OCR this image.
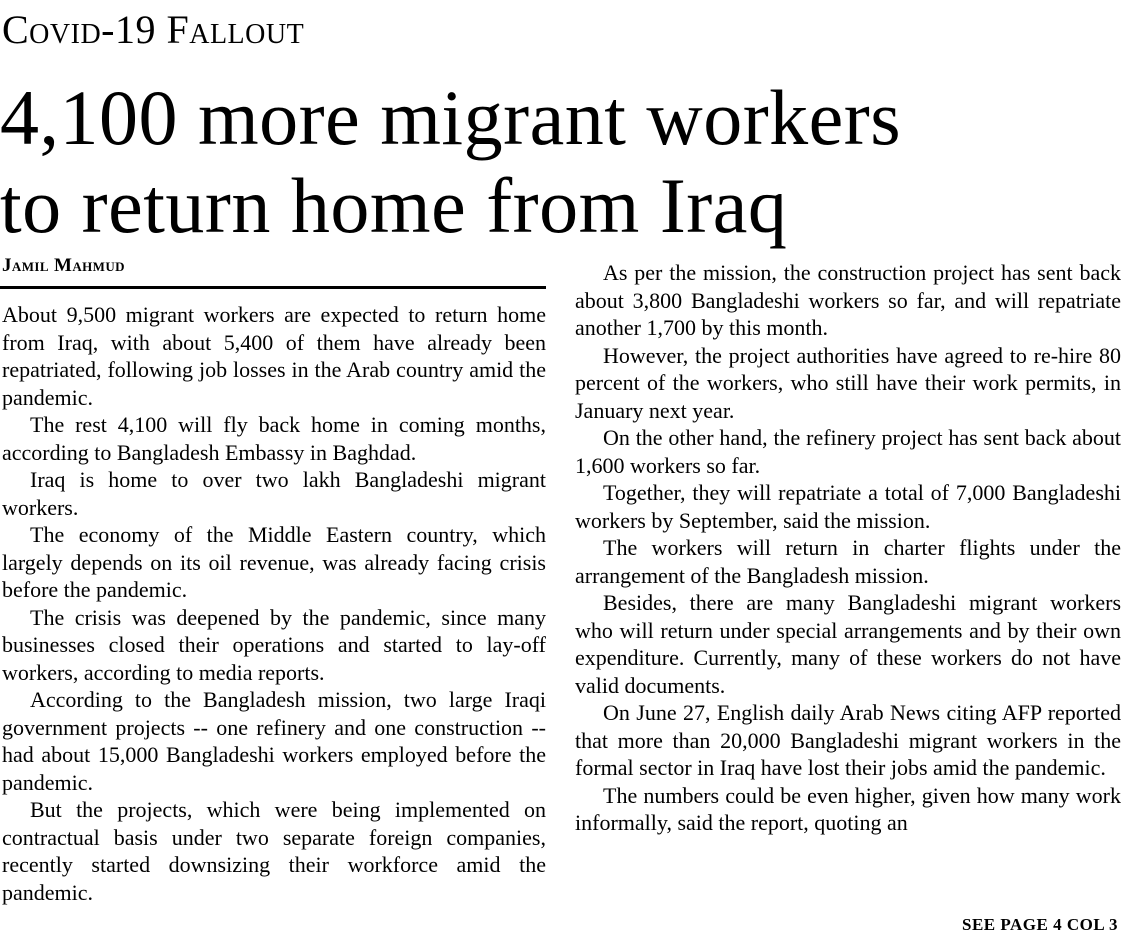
Covid-19 Fallout
4,100 more migrant workers
to return home from Iraq
Jamil Mahmud

About 9,500 migrant workers are expected to return home from Iraq, with about 5,400 of them have already been repatriated, following job losses in the Arab country amid the pandemic.

The rest 4,100 will fly back home in coming months, according to Bangladesh Embassy in Baghdad.

Iraq is home to over two lakh Bangladeshi migrant workers.

The economy of the Middle Eastern country, which largely depends on its oil revenue, was already facing crisis before the pandemic.

The crisis was deepened by the pandemic, since many businesses closed their operations and started to lay-off workers, according to media reports.

According to the Bangladesh mission, two large Iraqi government projects -- one refinery and one construction -- had about 15,000 Bangladeshi workers employed before the pandemic.

But the projects, which were being implemented on contractual basis under two separate foreign companies, recently started downsizing their workforce amid the pandemic.

As per the mission, the construction project has sent back about 3,800 Bangladeshi workers so far, and will repatriate another 1,700 by this month.

However, the project authorities have agreed to re-hire 80 percent of the workers, who still have their work permits, in January next year.

On the other hand, the refinery project has sent back about 1,600 workers so far.

Together, they will repatriate a total of 7,000 Bangladeshi workers by September, said the mission.

The workers will return in charter flights under the arrangement of the Bangladesh mission.

Besides, there are many Bangladeshi migrant workers who will return under special arrangements and by their own expenditure. Currently, many of these workers do not have valid documents.

On June 27, English daily Arab News citing AFP reported that more than 20,000 Bangladeshi migrant workers in the formal sector in Iraq have lost their jobs amid the pandemic.

The numbers could be even higher, given how many work informally, said the report, quoting an

SEE PAGE 4 COL 3
